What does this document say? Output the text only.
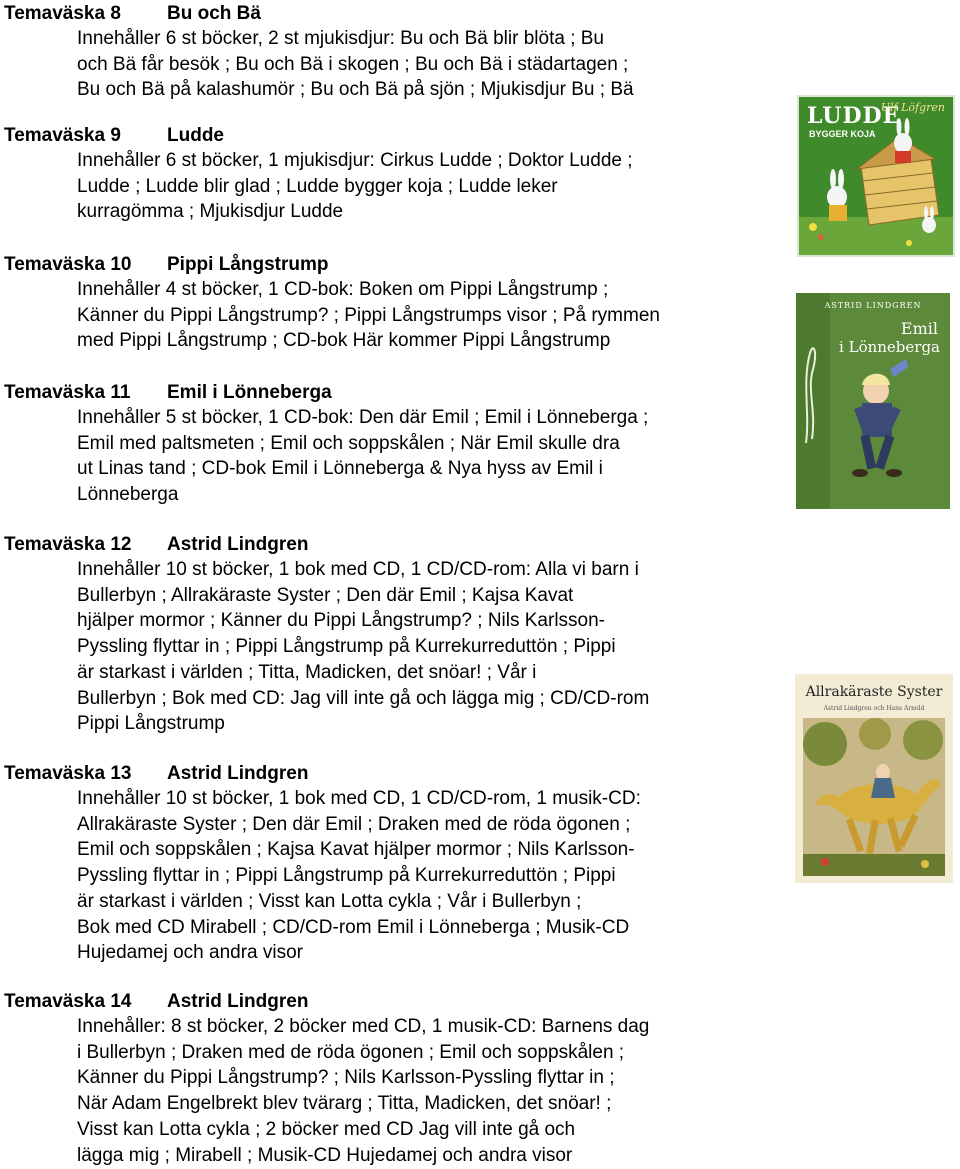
Temaväska 8 Bu och Bä
Innehåller 6 st böcker, 2 st mjukisdjur: Bu och Bä blir blöta ; Bu
och Bä får besök ; Bu och Bä i skogen ; Bu och Bä i städartagen ;
Bu och Bä på kalashumör ; Bu och Bä på sjön ; Mjukisdjur Bu ; Bä
Temaväska 9 Ludde
Innehåller 6 st böcker, 1 mjukisdjur: Cirkus Ludde ; Doktor Ludde ;
Ludde ; Ludde blir glad ; Ludde bygger koja ; Ludde leker
kurragömma ; Mjukisdjur Ludde
Temaväska 10 Pippi Långstrump
Innehåller 4 st böcker, 1 CD-bok: Boken om Pippi Långstrump ;
Känner du Pippi Långstrump? ; Pippi Långstrumps visor ; På rymmen
med Pippi Långstrump ; CD-bok Här kommer Pippi Långstrump
Temaväska 11 Emil i Lönneberga
Innehåller 5 st böcker, 1 CD-bok: Den där Emil ; Emil i Lönneberga ;
Emil med paltsmeten ; Emil och soppskålen ; När Emil skulle dra
ut Linas tand ; CD-bok Emil i Lönneberga & Nya hyss av Emil i
Lönneberga
Temaväska 12 Astrid Lindgren
Innehåller 10 st böcker, 1 bok med CD, 1 CD/CD-rom: Alla vi barn i
Bullerbyn ; Allrakäraste Syster ; Den där Emil ; Kajsa Kavat
hjälper mormor ; Känner du Pippi Långstrump? ; Nils Karlsson-
Pyssling flyttar in ; Pippi Långstrump på Kurrekurreduttön ; Pippi
är starkast i världen ; Titta, Madicken, det snöar! ; Vår i
Bullerbyn ; Bok med CD: Jag vill inte gå och lägga mig ; CD/CD-rom
Pippi Långstrump
Temaväska 13 Astrid Lindgren
Innehåller 10 st böcker, 1 bok med CD, 1 CD/CD-rom, 1 musik-CD:
Allrakäraste Syster ; Den där Emil ; Draken med de röda ögonen ;
Emil och soppskålen ; Kajsa Kavat hjälper mormor ; Nils Karlsson-
Pyssling flyttar in ; Pippi Långstrump på Kurrekurreduttön ; Pippi
är starkast i världen ; Visst kan Lotta cykla ; Vår i Bullerbyn ;
Bok med CD Mirabell ; CD/CD-rom Emil i Lönneberga ; Musik-CD
Hujedamej och andra visor
Temaväska 14 Astrid Lindgren
Innehåller: 8 st böcker, 2 böcker med CD, 1 musik-CD: Barnens dag
i Bullerbyn ; Draken med de röda ögonen ; Emil och soppskålen ;
Känner du Pippi Långstrump? ; Nils Karlsson-Pyssling flyttar in ;
När Adam Engelbrekt blev tvärarg ; Titta, Madicken, det snöar! ;
Visst kan Lotta cykla ; 2 böcker med CD Jag vill inte gå och
lägga mig ; Mirabell ; Musik-CD Hujedamej och andra visor
LUDDE
Ulf Löfgren
BYGGER KOJA
ASTRID LINDGREN
Emil
i Lönneberga
Allrakäraste Syster
Astrid Lindgren och Hans Arnold
